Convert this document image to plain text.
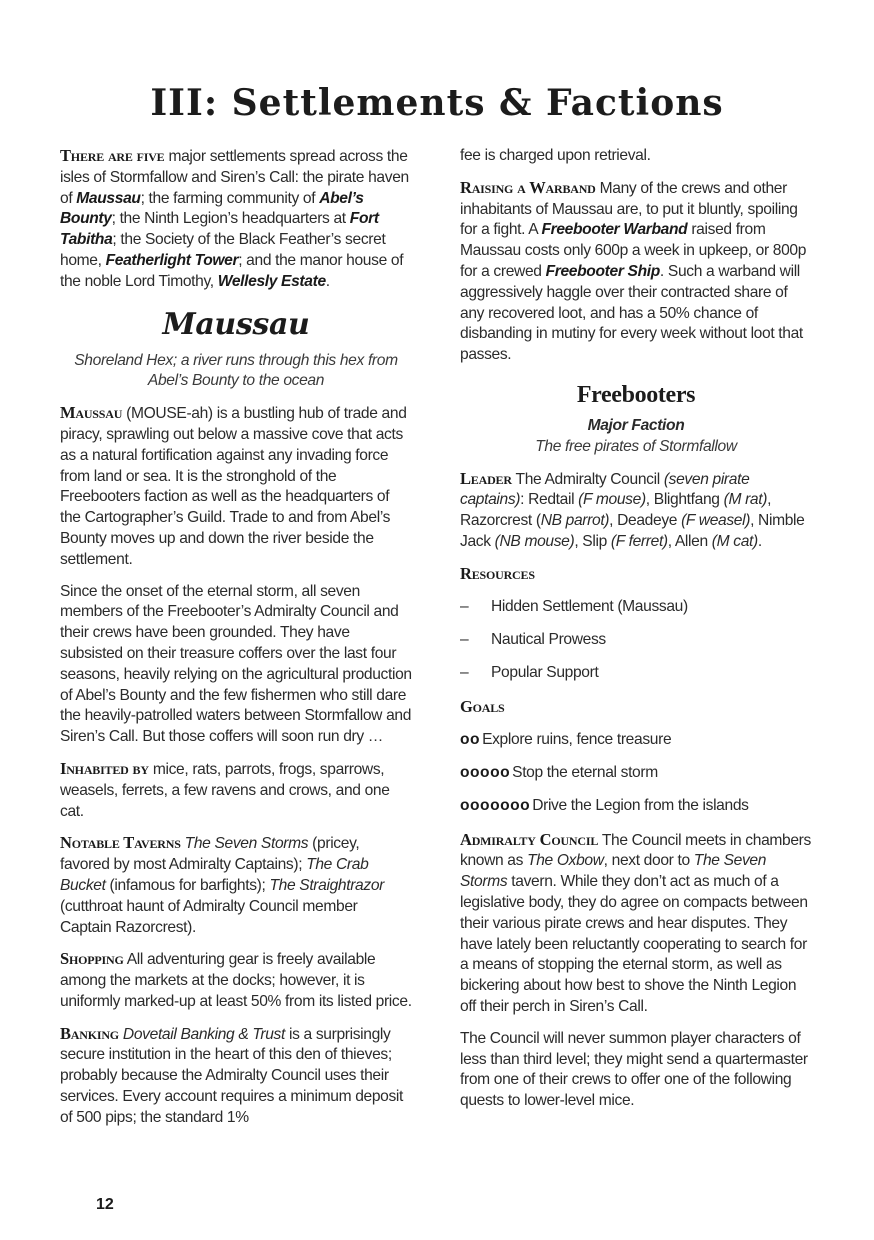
III: Settlements & Factions

There are five major settlements spread across the isles of Stormfallow and Siren’s Call: the pirate haven of Maussau; the farming community of Abel’s Bounty; the Ninth Legion’s headquarters at Fort Tabitha; the Society of the Black Feather’s secret home, Featherlight Tower; and the manor house of the noble Lord Timothy, Wellesly Estate.

Maussau

Shoreland Hex; a river runs through this hex from Abel’s Bounty to the ocean

Maussau (MOUSE-ah) is a bustling hub of trade and piracy, sprawling out below a massive cove that acts as a natural fortification against any invading force from land or sea. It is the stronghold of the Freebooters faction as well as the headquarters of the Cartographer’s Guild. Trade to and from Abel’s Bounty moves up and down the river beside the settlement.

Since the onset of the eternal storm, all seven members of the Freebooter’s Admiralty Council and their crews have been grounded. They have subsisted on their treasure coffers over the last four seasons, heavily relying on the agricultural production of Abel’s Bounty and the few fishermen who still dare the heavily-patrolled waters between Stormfallow and Siren’s Call. But those coffers will soon run dry …

Inhabited by mice, rats, parrots, frogs, sparrows, weasels, ferrets, a few ravens and crows, and one cat.

Notable Taverns The Seven Storms (pricey, favored by most Admiralty Captains); The Crab Bucket (infamous for barfights); The Straightrazor (cutthroat haunt of Admiralty Council member Captain Razorcrest).

Shopping All adventuring gear is freely available among the markets at the docks; however, it is uniformly marked-up at least 50% from its listed price.

Banking Dovetail Banking & Trust is a surprisingly secure institution in the heart of this den of thieves; probably because the Admiralty Council uses their services. Every account requires a minimum deposit of 500 pips; the standard 1%

fee is charged upon retrieval.

Raising a Warband Many of the crews and other inhabitants of Maussau are, to put it bluntly, spoiling for a fight. A Freebooter Warband raised from Maussau costs only 600p a week in upkeep, or 800p for a crewed Freebooter Ship. Such a warband will aggressively haggle over their contracted share of any recovered loot, and has a 50% chance of disbanding in mutiny for every week without loot that passes.

Freebooters

Major Faction

The free pirates of Stormfallow

Leader The Admiralty Council (seven pirate captains): Redtail (F mouse), Blightfang (M rat), Razorcrest (NB parrot), Deadeye (F weasel), Nimble Jack (NB mouse), Slip (F ferret), Allen (M cat).

Resources

–	Hidden Settlement (Maussau)
–	Nautical Prowess
–	Popular Support

Goals

oo Explore ruins, fence treasure
ooooo Stop the eternal storm
ooooooo Drive the Legion from the islands

Admiralty Council The Council meets in chambers known as The Oxbow, next door to The Seven Storms tavern. While they don’t act as much of a legislative body, they do agree on compacts between their various pirate crews and hear disputes. They have lately been reluctantly cooperating to search for a means of stopping the eternal storm, as well as bickering about how best to shove the Ninth Legion off their perch in Siren’s Call.

The Council will never summon player characters of less than third level; they might send a quartermaster from one of their crews to offer one of the following quests to lower-level mice.

12
